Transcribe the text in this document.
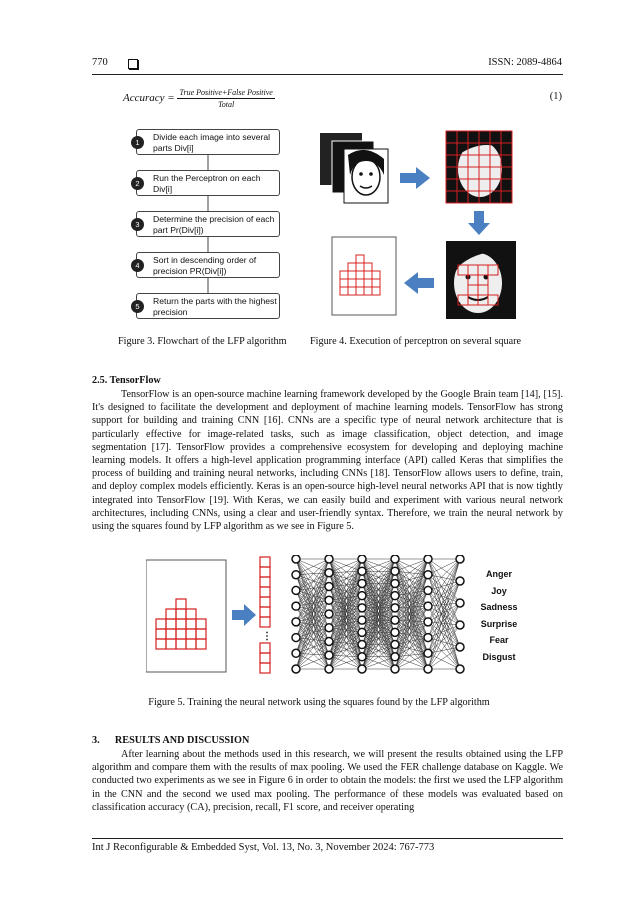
770	ISSN: 2089-4864
Accuracy = $\frac{\text{True Positive+False Positive}}{\text{Total}}$	(1)
1
Divide each image into several parts Div[i]
2
Run the Perceptron on each Div[i]
3
Determine the precision of each part Pr(Div[i])
4
Sort in descending order of precision PR(Div[i])
5
Return the parts with the highest precision
Figure 3. Flowchart of the LFP algorithm Figure 4. Execution of perceptron on several square
2.5. TensorFlow
TensorFlow is an open-source machine learning framework developed by the Google Brain team [14], [15]. It's designed to facilitate the development and deployment of machine learning models. TensorFlow has strong support for building and training CNN [16]. CNNs are a specific type of neural network architecture that is particularly effective for image-related tasks, such as image classification, object detection, and image segmentation [17]. TensorFlow provides a comprehensive ecosystem for developing and deploying machine learning models. It offers a high-level application programming interface (API) called Keras that simplifies the process of building and training neural networks, including CNNs [18]. TensorFlow allows users to define, train, and deploy complex models efficiently. Keras is an open-source high-level neural networks API that is now tightly integrated into TensorFlow [19]. With Keras, we can easily build and experiment with various neural network architectures, including CNNs, using a clear and user-friendly syntax. Therefore, we train the neural network by using the squares found by LFP algorithm as we see in Figure 5.
⋮
Anger
Joy
Sadness
Surprise
Fear
Disgust
Figure 5. Training the neural network using the squares found by the LFP algorithm
3.      RESULTS AND DISCUSSION
After learning about the methods used in this research, we will present the results obtained using the LFP algorithm and compare them with the results of max pooling. We used the FER challenge database on Kaggle. We conducted two experiments as we see in Figure 6 in order to obtain the models: the first we used the LFP algorithm in the CNN and the second we used max pooling. The performance of these models was evaluated based on classification accuracy (CA), precision, recall, F1 score, and receiver operating
Int J Reconfigurable & Embedded Syst, Vol. 13, No. 3, November 2024: 767-773
